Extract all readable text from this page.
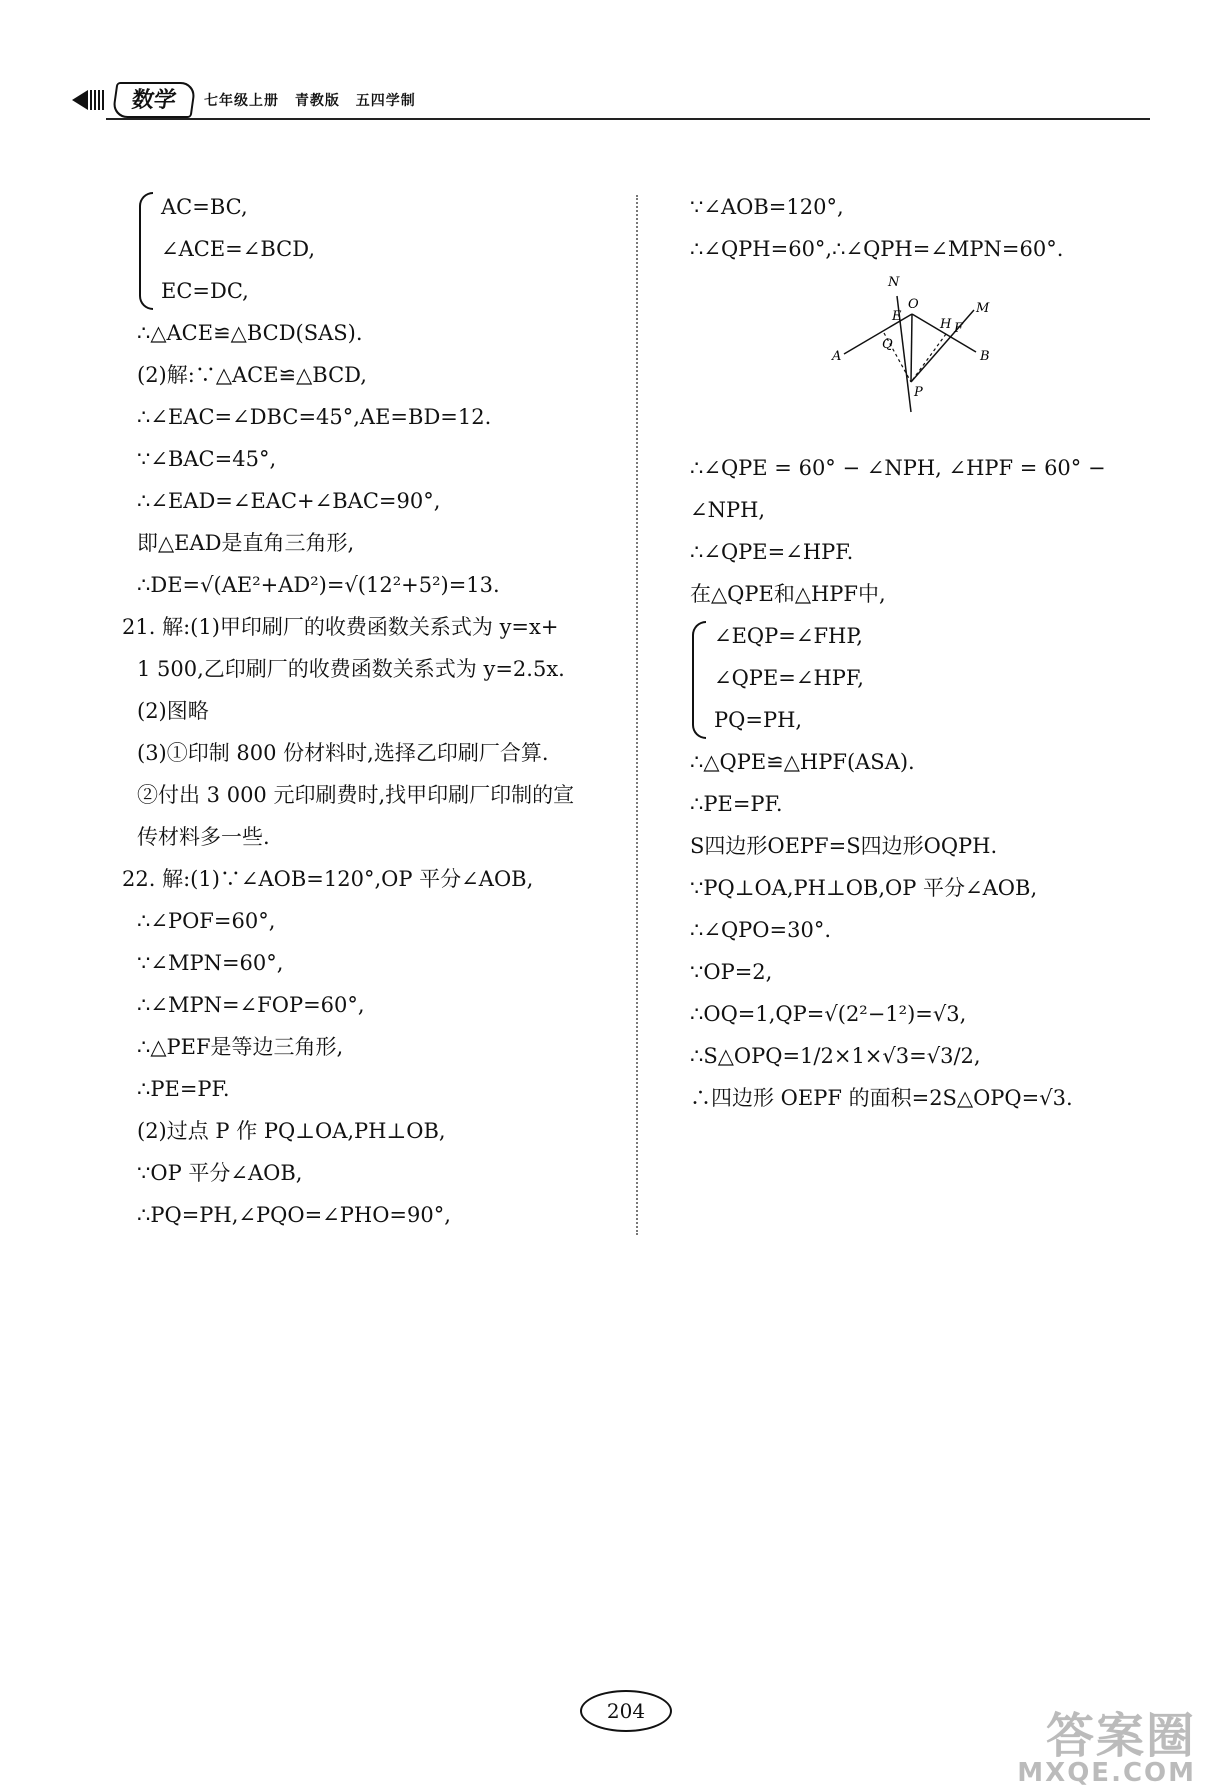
数学	七年级上册 青教版 五四学制
AC=BC,
∠ACE=∠BCD,
EC=DC,
∴△ACE≌△BCD(SAS).
(2)解:∵△ACE≌△BCD,
∴∠EAC=∠DBC=45°,AE=BD=12.
∵∠BAC=45°,
∴∠EAD=∠EAC+∠BAC=90°,
即△EAD是直角三角形,
∴DE=√(AE²+AD²)=√(12²+5²)=13.
21. 解:(1)甲印刷厂的收费函数关系式为 y=x+
1 500,乙印刷厂的收费函数关系式为 y=2.5x.
(2)图略
(3)①印制 800 份材料时,选择乙印刷厂合算.
②付出 3 000 元印刷费时,找甲印刷厂印制的宣
传材料多一些.
22. 解:(1)∵∠AOB=120°,OP 平分∠AOB,
∴∠POF=60°,
∵∠MPN=60°,
∴∠MPN=∠FOP=60°,
∴△PEF是等边三角形,
∴PE=PF.
(2)过点 P 作 PQ⊥OA,PH⊥OB,
∵OP 平分∠AOB,
∴PQ=PH,∠PQO=∠PHO=90°,
∵∠AOB=120°,
∴∠QPH=60°,∴∠QPH=∠MPN=60°.
N
O
E
H F
M
A
Q
B
P
∴∠QPE = 60° − ∠NPH, ∠HPF = 60° −
∠NPH,
∴∠QPE=∠HPF.
在△QPE和△HPF中,
∠EQP=∠FHP,
∠QPE=∠HPF,
PQ=PH,
∴△QPE≌△HPF(ASA).
∴PE=PF.
S四边形OEPF=S四边形OQPH.
∵PQ⊥OA,PH⊥OB,OP 平分∠AOB,
∴∠QPO=30°.
∵OP=2,
∴OQ=1,QP=√(2²−1²)=√3,
∴S△OPQ=1/2×1×√3=√3/2,
∴四边形 OEPF 的面积=2S△OPQ=√3.
204	答案圈
MXQE.COM
